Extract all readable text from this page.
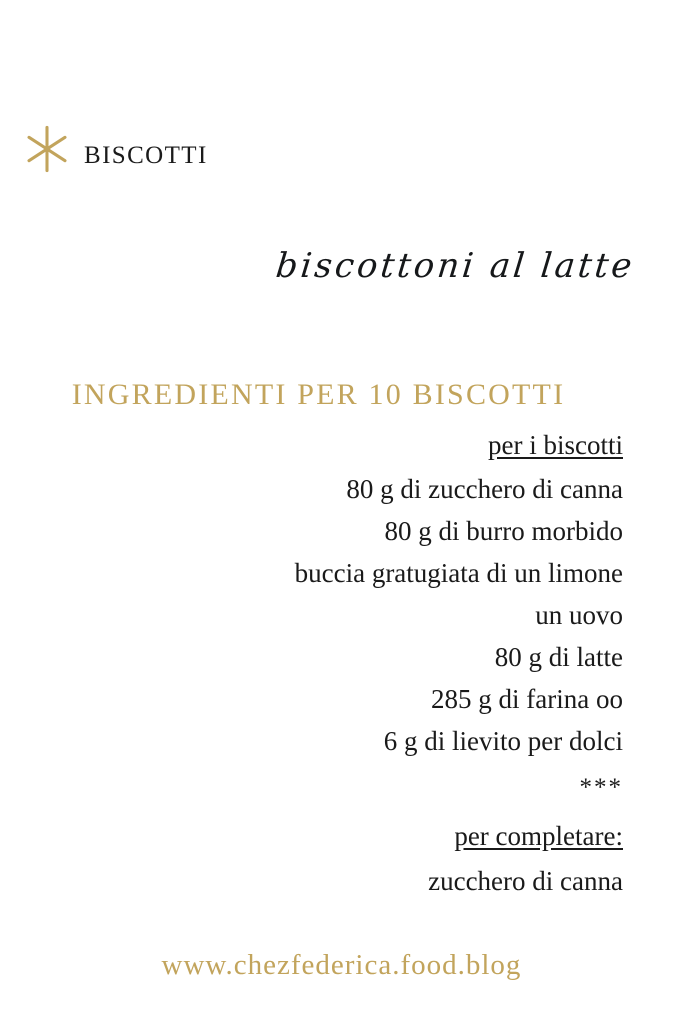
BISCOTTI
biscottoni al latte
INGREDIENTI PER 10 BISCOTTI
per i biscotti
80 g di zucchero di canna
80 g di burro morbido
buccia gratugiata di un limone
un uovo
80 g di latte
285 g di farina oo
6 g di lievito per dolci
***
per completare:
zucchero di canna
www.chezfederica.food.blog
